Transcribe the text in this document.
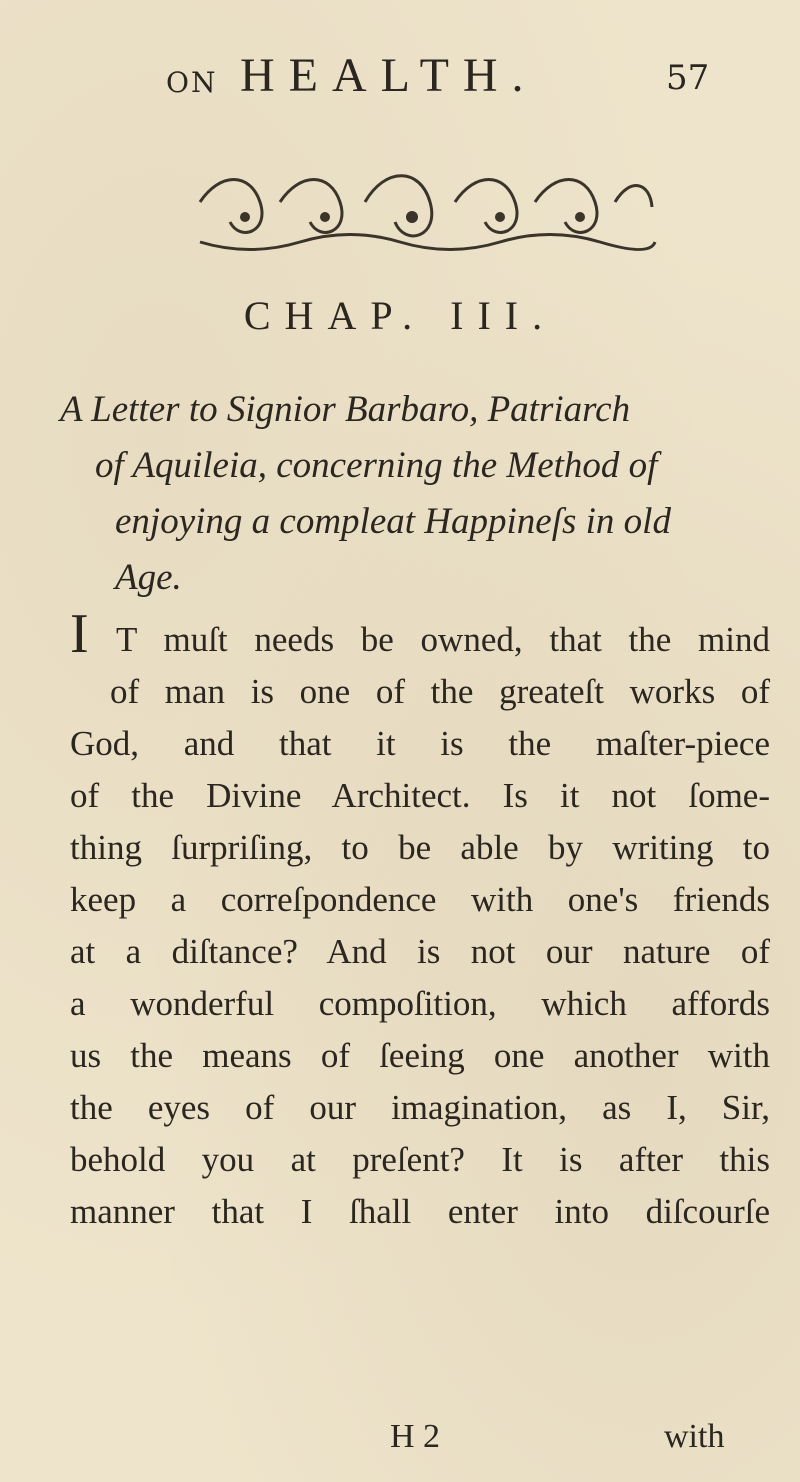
ON HEALTH.	57
CHAP. III.
A Letter to Signior Barbaro, Patriarch
of Aquileia, concerning the Method of
enjoying a compleat Happineſs in old
Age.
I T muſt needs be owned, that the mind
of man is one of the greateſt works of
God, and that it is the maſter-piece
of the Divine Architect. Is it not ſome-
thing ſurpriſing, to be able by writing to
keep a correſpondence with one's friends
at a diſtance? And is not our nature of
a wonderful compoſition, which affords
us the means of ſeeing one another with
the eyes of our imagination, as I, Sir,
behold you at preſent? It is after this
manner that I ſhall enter into diſcourſe
H 2	with
